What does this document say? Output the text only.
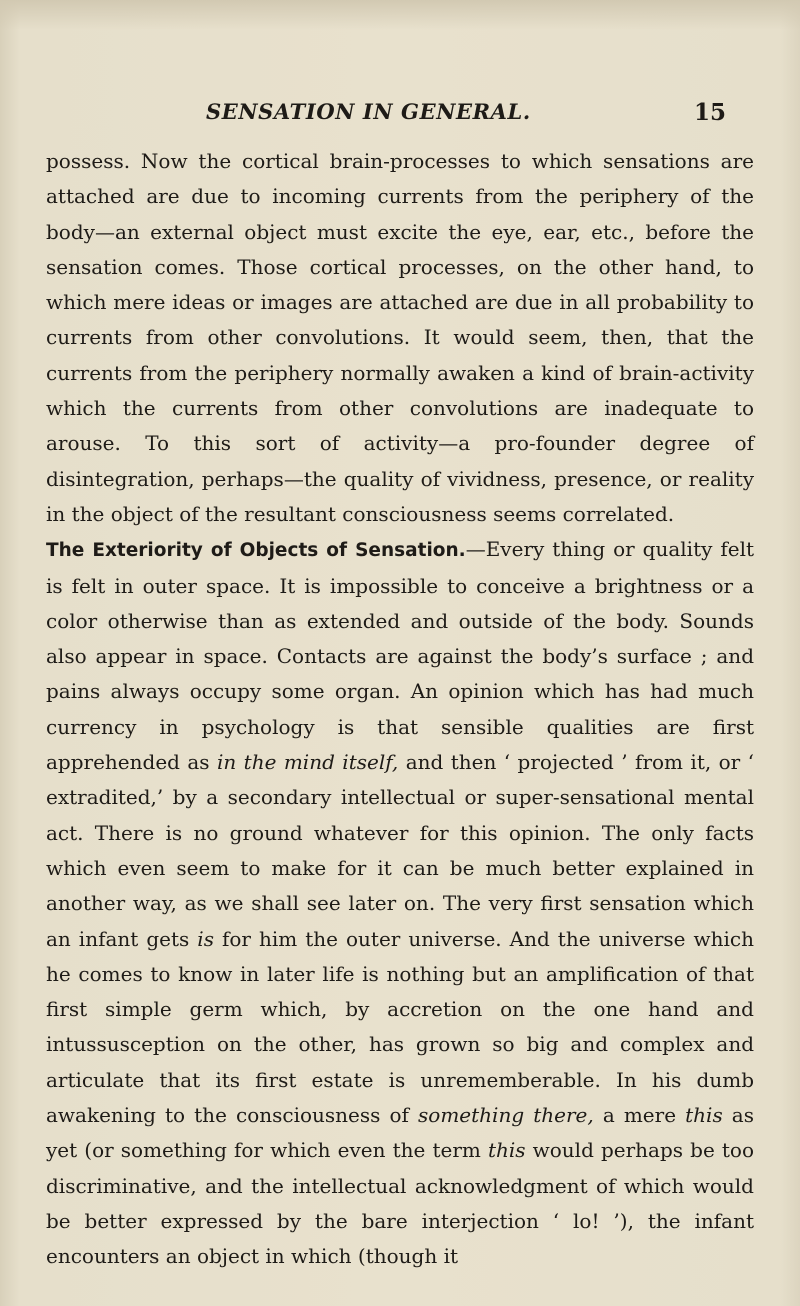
SENSATION IN GENERAL.	15

possess. Now the cortical brain-processes to which sensations are attached are due to incoming currents from the periphery of the body—an external object must excite the eye, ear, etc., before the sensation comes. Those cortical processes, on the other hand, to which mere ideas or images are attached are due in all probability to currents from other convolutions. It would seem, then, that the currents from the periphery normally awaken a kind of brain-activity which the currents from other convolutions are inadequate to arouse. To this sort of activity—a pro-founder degree of disintegration, perhaps—the quality of vividness, presence, or reality in the object of the resultant consciousness seems correlated.

The Exteriority of Objects of Sensation.—Every thing or quality felt is felt in outer space. It is impossible to conceive a brightness or a color otherwise than as extended and outside of the body. Sounds also appear in space. Contacts are against the body’s surface ; and pains always occupy some organ. An opinion which has had much currency in psychology is that sensible qualities are first apprehended as in the mind itself, and then ‘ projected ’ from it, or ‘ extradited,’ by a secondary intellectual or super-sensational mental act. There is no ground whatever for this opinion. The only facts which even seem to make for it can be much better explained in another way, as we shall see later on. The very first sensation which an infant gets is for him the outer universe. And the universe which he comes to know in later life is nothing but an amplification of that first simple germ which, by accretion on the one hand and intussusception on the other, has grown so big and complex and articulate that its first estate is unrememberable. In his dumb awakening to the consciousness of something there, a mere this as yet (or something for which even the term this would perhaps be too discriminative, and the intellectual acknowledgment of which would be better expressed by the bare interjection ‘ lo! ’), the infant encounters an object in which (though it
